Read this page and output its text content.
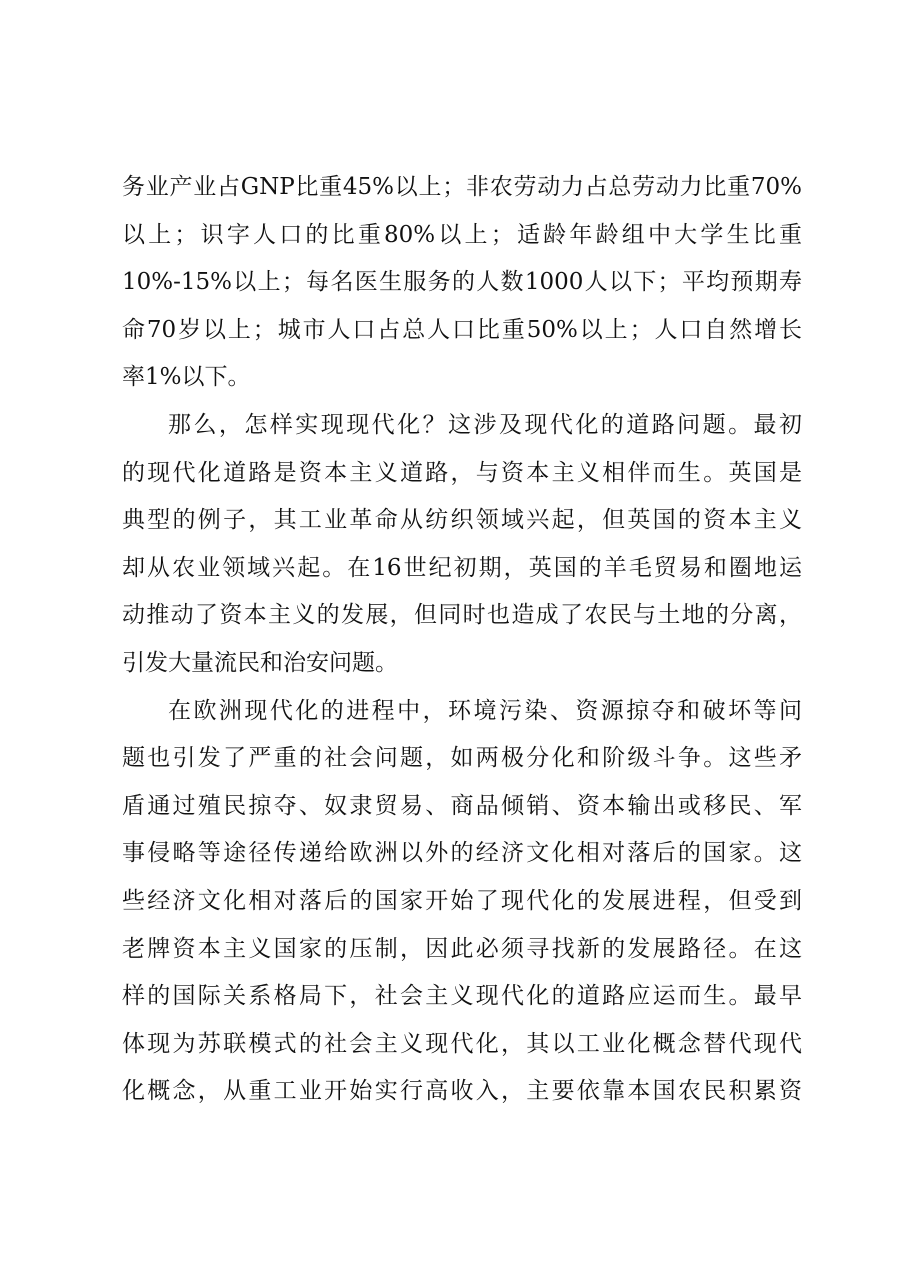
务业产业占GNP比重45%以上；非农劳动力占总劳动力比重70%
以上；识字人口的比重80%以上；适龄年龄组中大学生比重
10%-15%以上；每名医生服务的人数1000人以下；平均预期寿
命70岁以上；城市人口占总人口比重50%以上；人口自然增长
率1%以下。
那么，怎样实现现代化？这涉及现代化的道路问题。最初
的现代化道路是资本主义道路，与资本主义相伴而生。英国是
典型的例子，其工业革命从纺织领域兴起，但英国的资本主义
却从农业领域兴起。在16世纪初期，英国的羊毛贸易和圈地运
动推动了资本主义的发展，但同时也造成了农民与土地的分离，
引发大量流民和治安问题。
在欧洲现代化的进程中，环境污染、资源掠夺和破坏等问
题也引发了严重的社会问题，如两极分化和阶级斗争。这些矛
盾通过殖民掠夺、奴隶贸易、商品倾销、资本输出或移民、军
事侵略等途径传递给欧洲以外的经济文化相对落后的国家。这
些经济文化相对落后的国家开始了现代化的发展进程，但受到
老牌资本主义国家的压制，因此必须寻找新的发展路径。在这
样的国际关系格局下，社会主义现代化的道路应运而生。最早
体现为苏联模式的社会主义现代化，其以工业化概念替代现代
化概念，从重工业开始实行高收入，主要依靠本国农民积累资
